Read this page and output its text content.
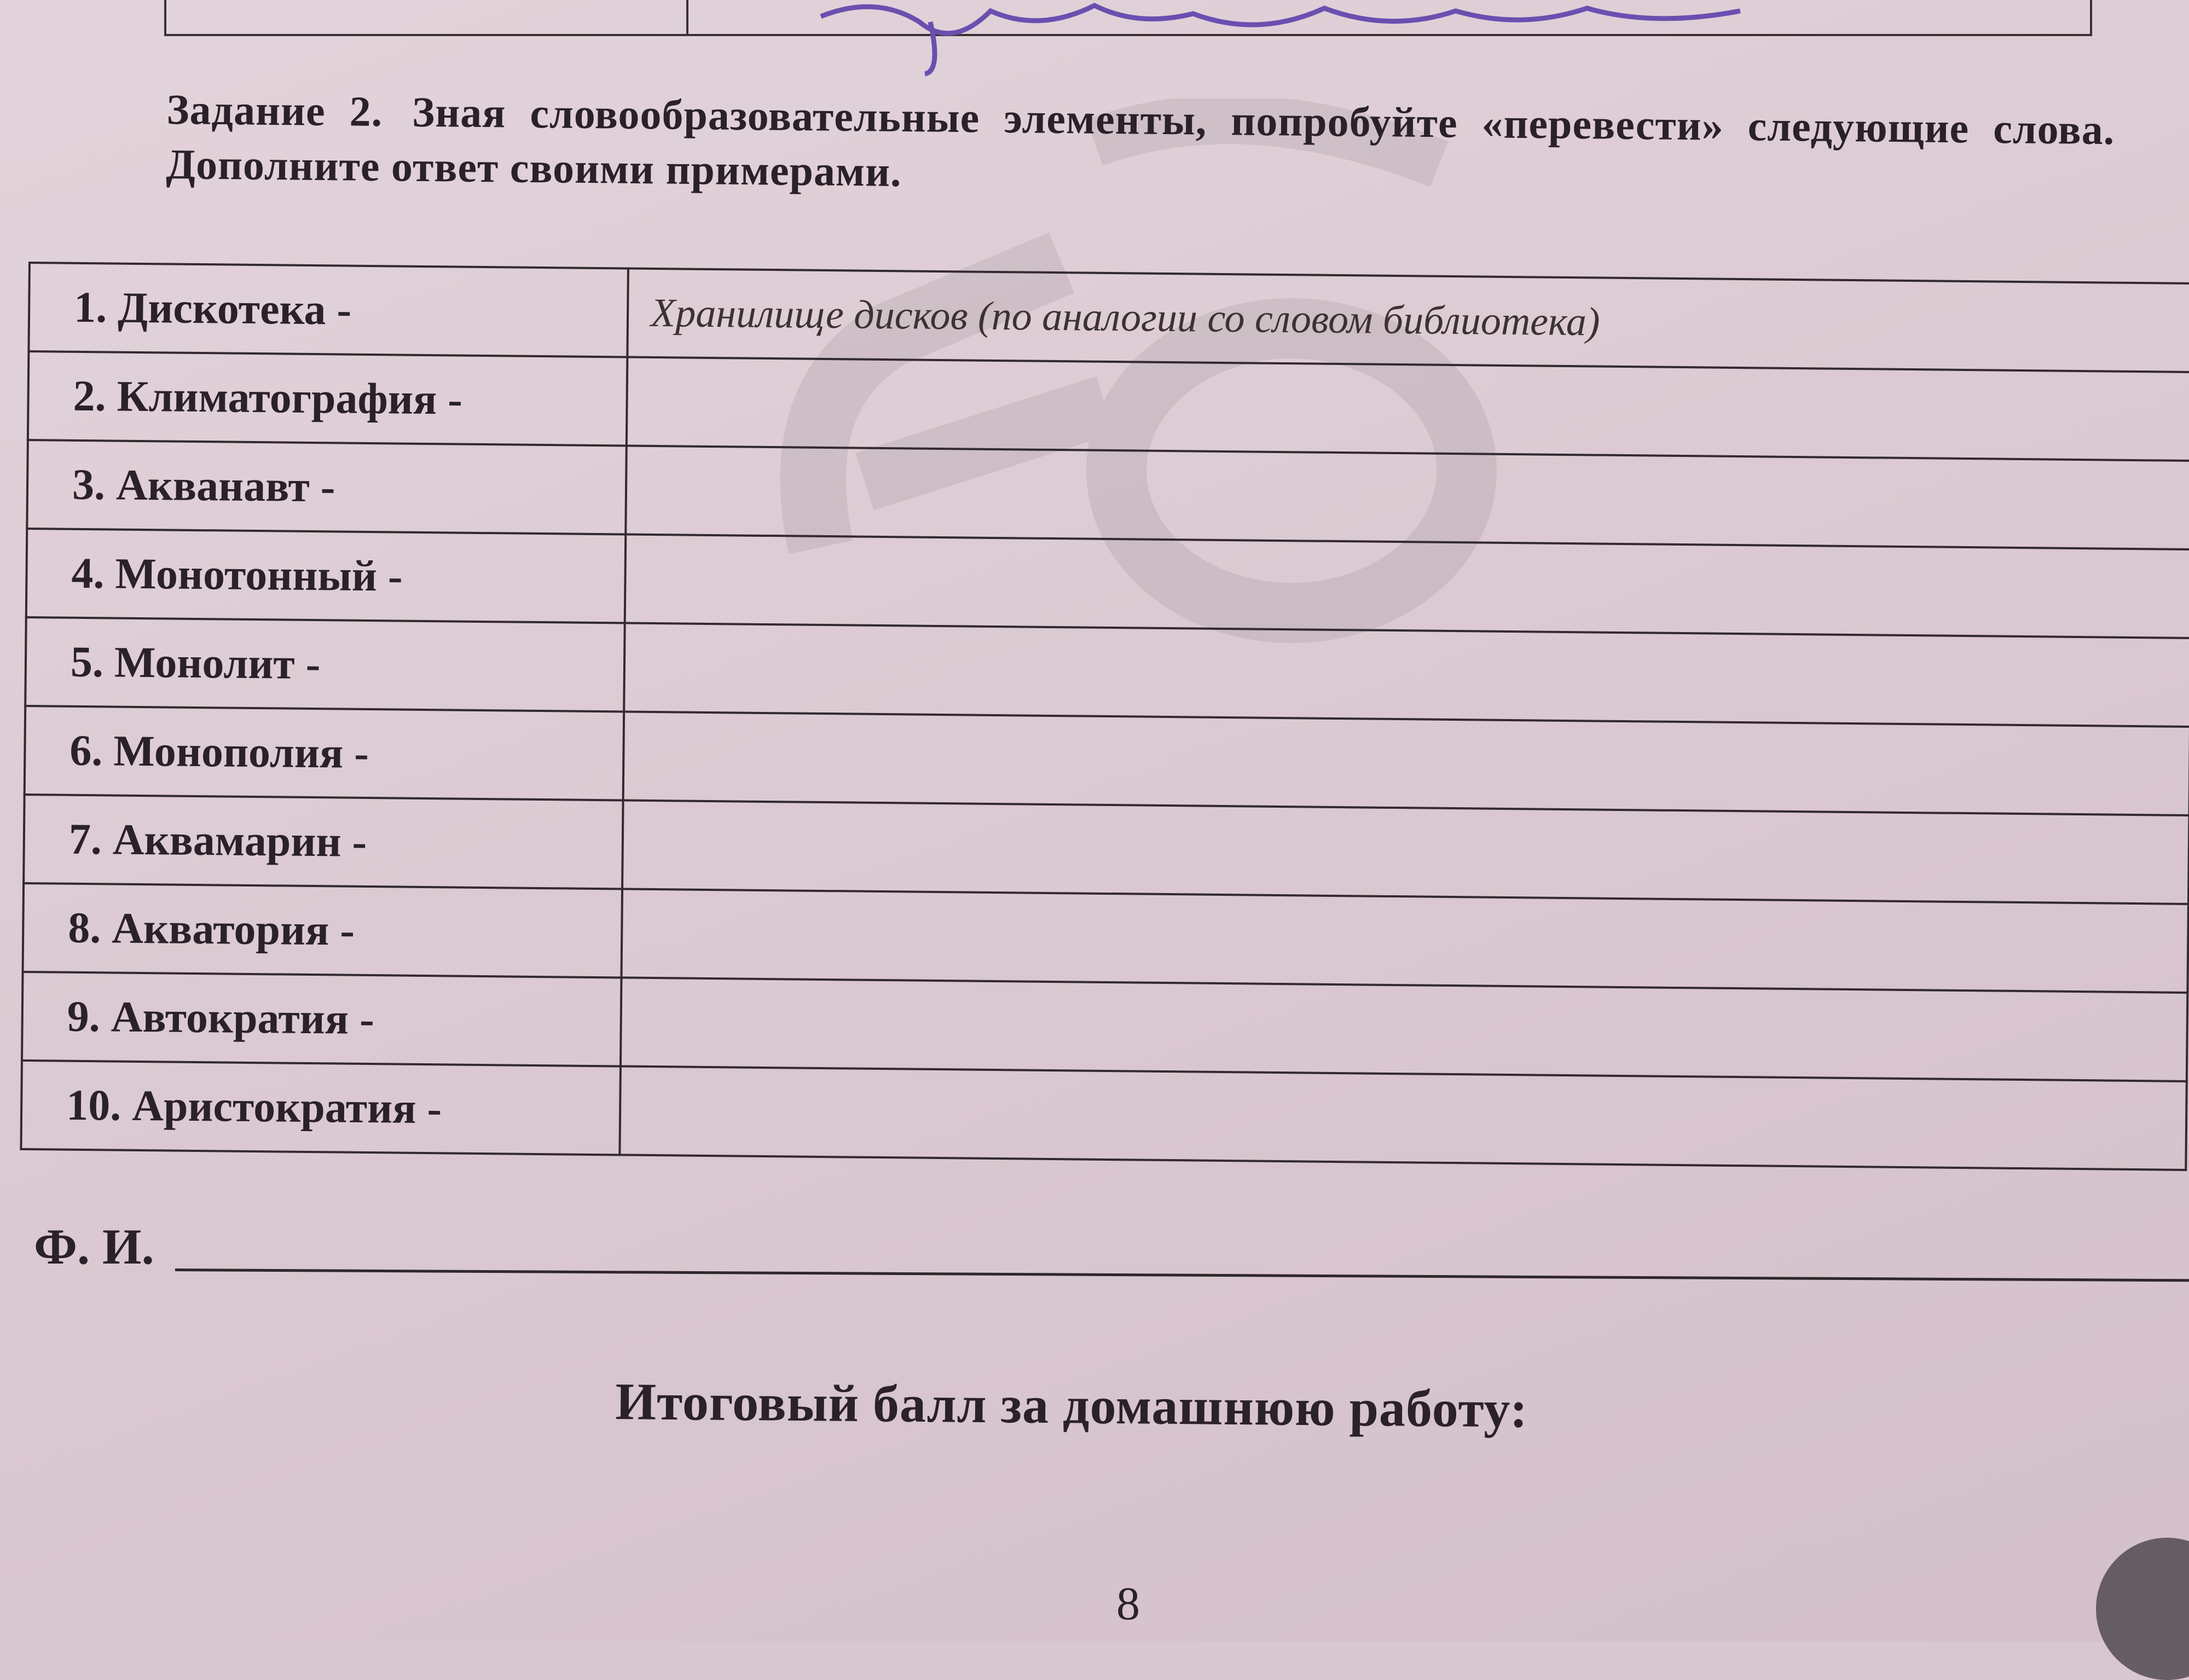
Задание 2. Зная словообразовательные элементы, попробуйте «перевести» следующие слова. Дополните ответ своими примерами.
1. Дискотека -	Хранилище дисков (по аналогии со словом библиотека)
2. Климатография -	
3. Акванавт -	
4. Монотонный -	
5. Монолит -	
6. Монополия -	
7. Аквамарин -	
8. Акватория -	
9. Автократия -	
10. Аристократия -	
Ф. И.
Итоговый балл за домашнюю работу:
8
